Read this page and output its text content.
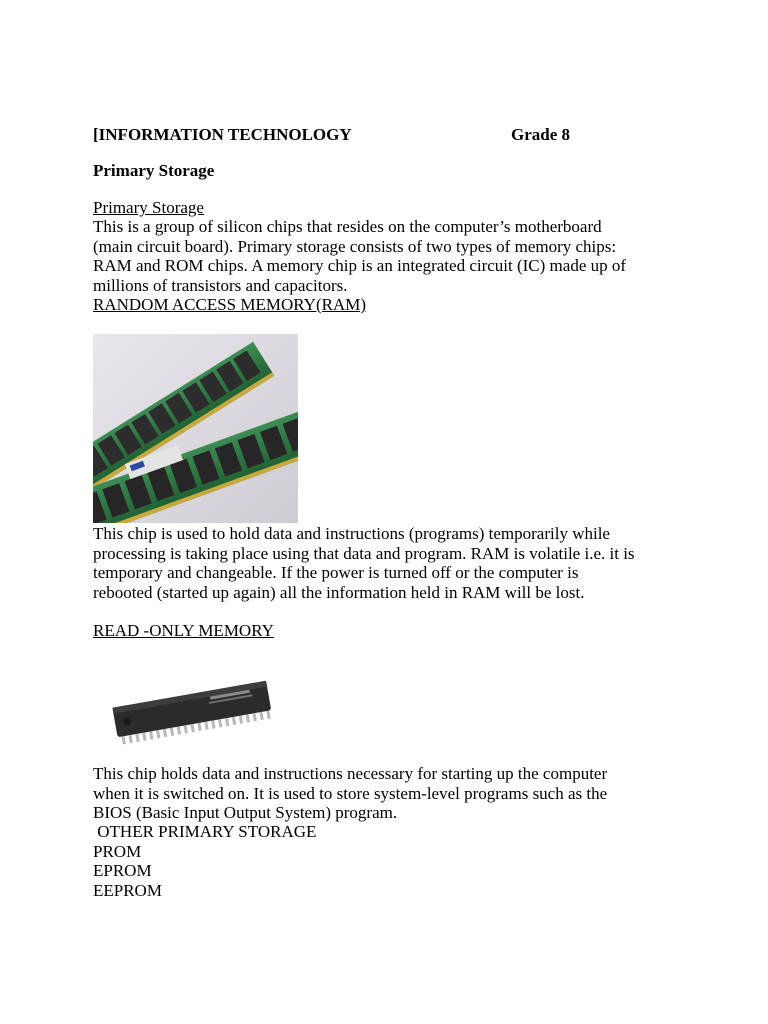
[INFORMATION TECHNOLOGY	Grade 8
Primary Storage
Primary Storage
This is a group of silicon chips that resides on the computer’s motherboard
(main circuit board). Primary storage consists of two types of memory chips:
RAM and ROM chips. A memory chip is an integrated circuit (IC) made up of
millions of transistors and capacitors.
RANDOM ACCESS MEMORY(RAM)
This chip is used to hold data and instructions (programs) temporarily while
processing is taking place using that data and program. RAM is volatile i.e. it is
temporary and changeable. If the power is turned off or the computer is
rebooted (started up again) all the information held in RAM will be lost.
READ -ONLY MEMORY
This chip holds data and instructions necessary for starting up the computer
when it is switched on. It is used to store system-level programs such as the
BIOS (Basic Input Output System) program.
OTHER PRIMARY STORAGE
PROM
EPROM
EEPROM
